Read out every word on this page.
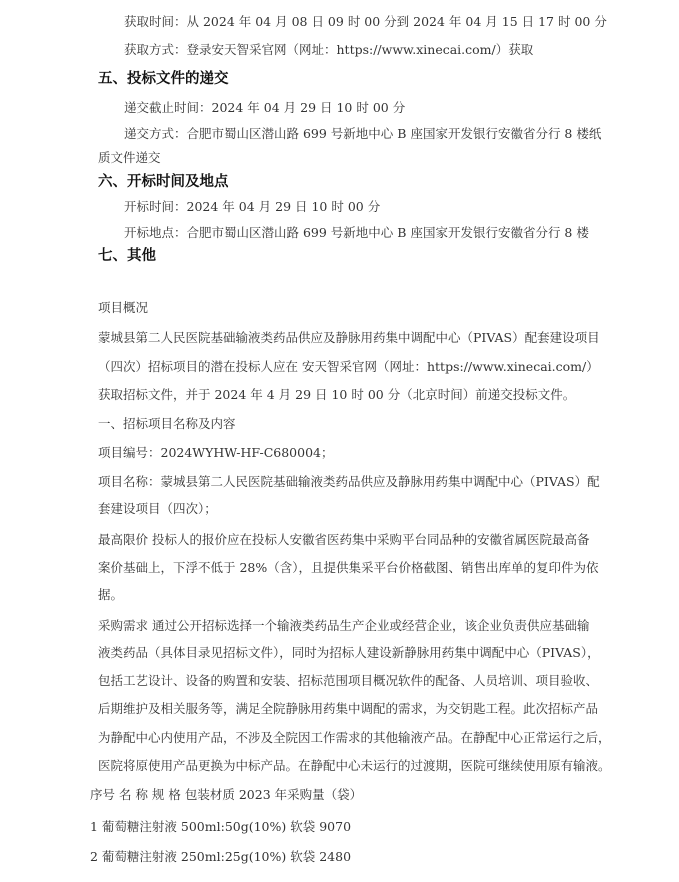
获取时间：从 2024 年 04 月 08 日 09 时 00 分到 2024 年 04 月 15 日 17 时 00 分
获取方式：登录安天智采官网（网址：https://www.xinecai.com/）获取
五、投标文件的递交
递交截止时间：2024 年 04 月 29 日 10 时 00 分
递交方式：合肥市蜀山区潜山路 699 号新地中心 B 座国家开发银行安徽省分行 8 楼纸
质文件递交
六、开标时间及地点
开标时间：2024 年 04 月 29 日 10 时 00 分
开标地点：合肥市蜀山区潜山路 699 号新地中心 B 座国家开发银行安徽省分行 8 楼
七、其他
项目概况
蒙城县第二人民医院基础输液类药品供应及静脉用药集中调配中心（PIVAS）配套建设项目
（四次）招标项目的潜在投标人应在 安天智采官网（网址：https://www.xinecai.com/）
获取招标文件，并于 2024 年 4 月 29 日 10 时 00 分（北京时间）前递交投标文件。
一、招标项目名称及内容
项目编号：2024WYHW-HF-C680004；
项目名称：蒙城县第二人民医院基础输液类药品供应及静脉用药集中调配中心（PIVAS）配
套建设项目（四次）；
最高限价 投标人的报价应在投标人安徽省医药集中采购平台同品种的安徽省属医院最高备
案价基础上，下浮不低于 28%（含），且提供集采平台价格截图、销售出库单的复印件为依
据。
采购需求 通过公开招标选择一个输液类药品生产企业或经营企业，该企业负责供应基础输
液类药品（具体目录见招标文件），同时为招标人建设新静脉用药集中调配中心（PIVAS），
包括工艺设计、设备的购置和安装、招标范围项目概况软件的配备、人员培训、项目验收、
后期维护及相关服务等，满足全院静脉用药集中调配的需求，为交钥匙工程。此次招标产品
为静配中心内使用产品，不涉及全院因工作需求的其他输液产品。在静配中心正常运行之后，
医院将原使用产品更换为中标产品。在静配中心未运行的过渡期，医院可继续使用原有输液。
序号 名 称 规 格 包装材质 2023 年采购量（袋）
1 葡萄糖注射液 500ml:50g(10%) 软袋 9070
2 葡萄糖注射液 250ml:25g(10%) 软袋 2480
